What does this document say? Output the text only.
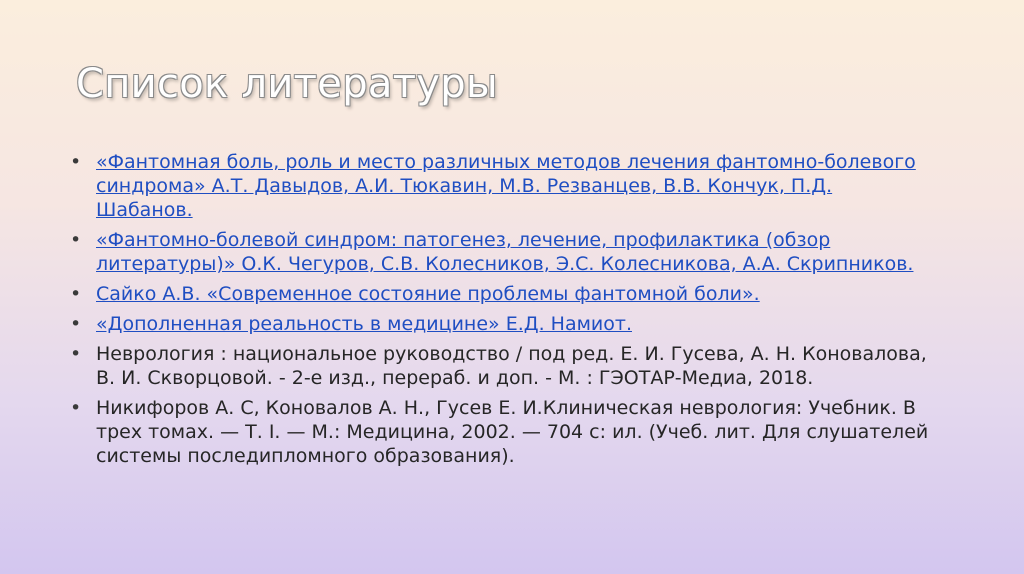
Список литературы
• «Фантомная боль, роль и место различных методов лечения фантомно-болевого синдрома» А.Т. Давыдов, А.И. Тюкавин, М.В. Резванцев, В.В. Кончук, П.Д. Шабанов.
• «Фантомно-болевой синдром: патогенез, лечение, профилактика (обзор литературы)» О.К. Чегуров, С.В. Колесников, Э.С. Колесникова, А.А. Скрипников.
• Сайко А.В. «Современное состояние проблемы фантомной боли».
• «Дополненная реальность в медицине» Е.Д. Намиот.
• Неврология : национальное руководство / под ред. Е. И. Гусева, А. Н. Коновалова, В. И. Скворцовой. - 2-е изд., перераб. и доп. - М. : ГЭОТАР-Медиа, 2018.
• Никифоров А. С, Коновалов А. Н., Гусев Е. И.Клиническая неврология: Учебник. В трех томах. — Т. I. — М.: Медицина, 2002. — 704 с: ил. (Учеб. лит. Для слушателей системы последипломного образования).
